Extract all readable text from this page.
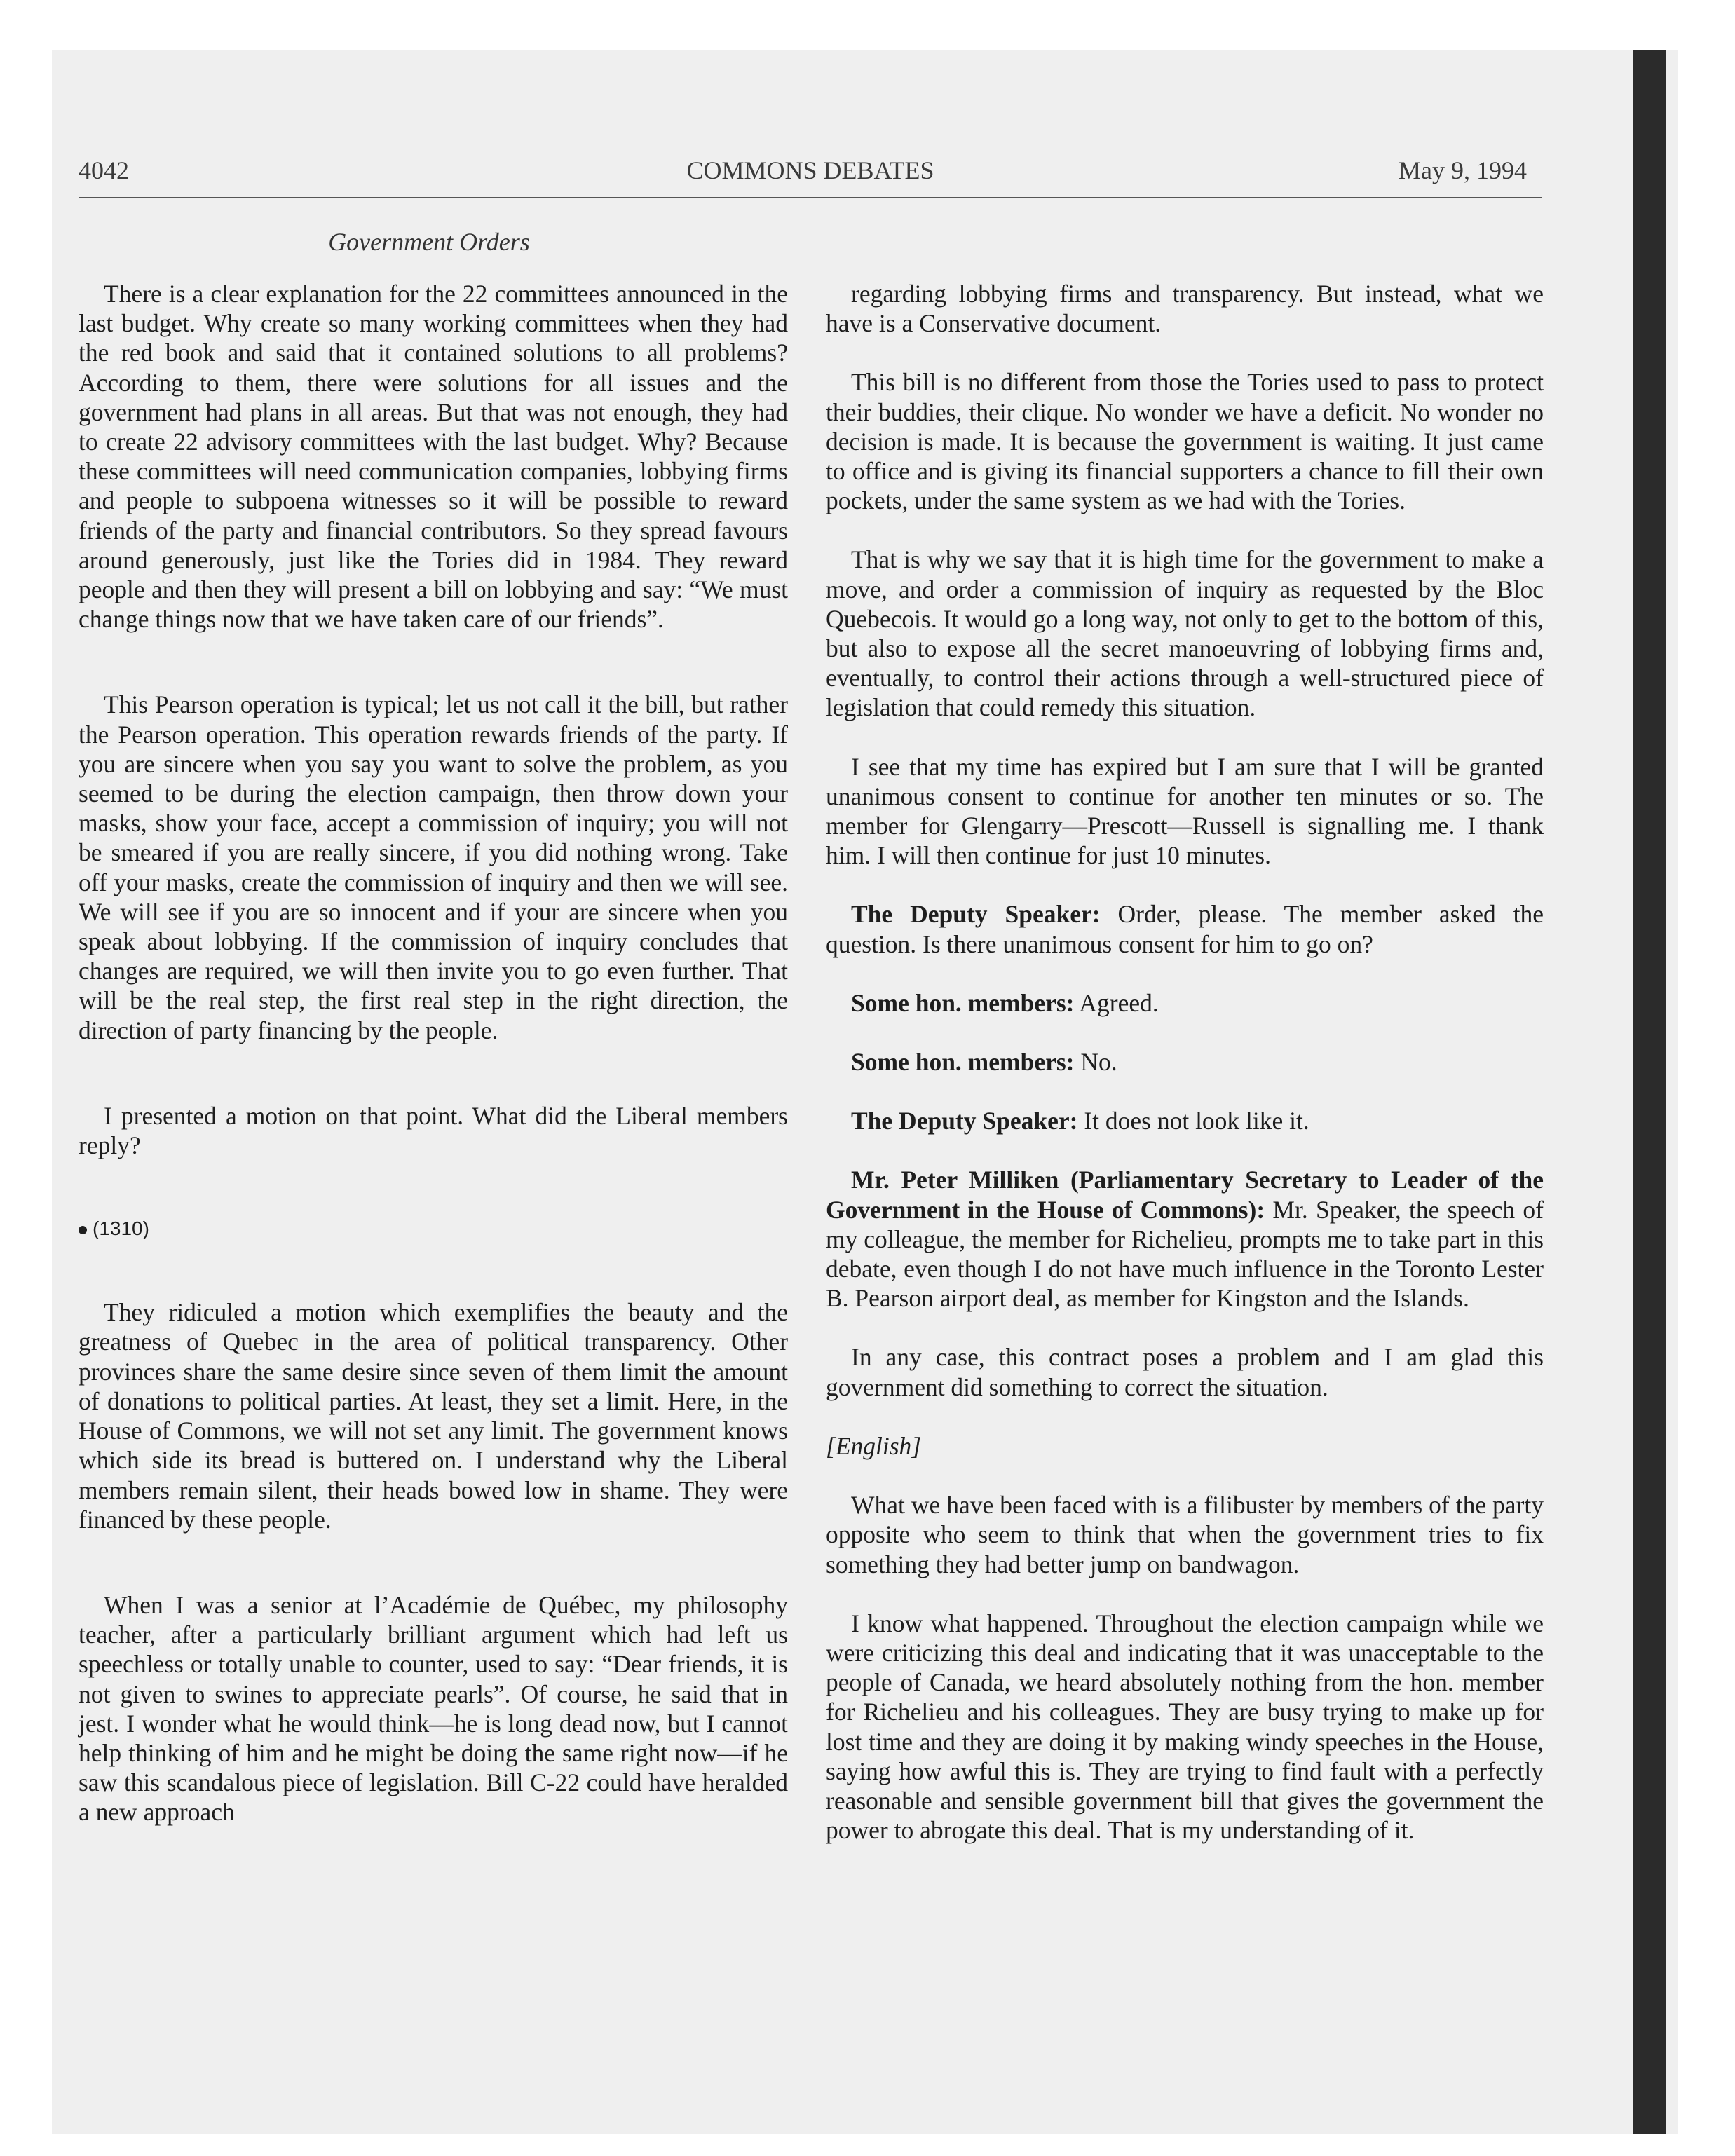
4042	COMMONS DEBATES	May 9, 1994
Government Orders

There is a clear explanation for the 22 committees announced in the last budget. Why create so many working committees when they had the red book and said that it contained solutions to all problems? According to them, there were solutions for all issues and the government had plans in all areas. But that was not enough, they had to create 22 advisory committees with the last budget. Why? Because these committees will need communication companies, lobbying firms and people to subpoena witnesses so it will be possible to reward friends of the party and financial contributors. So they spread favours around generously, just like the Tories did in 1984. They reward people and then they will present a bill on lobbying and say: “We must change things now that we have taken care of our friends”.

This Pearson operation is typical; let us not call it the bill, but rather the Pearson operation. This operation rewards friends of the party. If you are sincere when you say you want to solve the problem, as you seemed to be during the election campaign, then throw down your masks, show your face, accept a commission of inquiry; you will not be smeared if you are really sincere, if you did nothing wrong. Take off your masks, create the commission of inquiry and then we will see. We will see if you are so innocent and if your are sincere when you speak about lobbying. If the commission of inquiry concludes that changes are required, we will then invite you to go even further. That will be the real step, the first real step in the right direction, the direction of party financing by the people.

I presented a motion on that point. What did the Liberal members reply?

(1310)

They ridiculed a motion which exemplifies the beauty and the greatness of Quebec in the area of political transparency. Other provinces share the same desire since seven of them limit the amount of donations to political parties. At least, they set a limit. Here, in the House of Commons, we will not set any limit. The government knows which side its bread is buttered on. I understand why the Liberal members remain silent, their heads bowed low in shame. They were financed by these people.

When I was a senior at l’Académie de Québec, my philosophy teacher, after a particularly brilliant argument which had left us speechless or totally unable to counter, used to say: “Dear friends, it is not given to swines to appreciate pearls”. Of course, he said that in jest. I wonder what he would think—he is long dead now, but I cannot help thinking of him and he might be doing the same right now—if he saw this scandalous piece of legislation. Bill C-22 could have heralded a new approach

regarding lobbying firms and transparency. But instead, what we have is a Conservative document.

This bill is no different from those the Tories used to pass to protect their buddies, their clique. No wonder we have a deficit. No wonder no decision is made. It is because the government is waiting. It just came to office and is giving its financial supporters a chance to fill their own pockets, under the same system as we had with the Tories.

That is why we say that it is high time for the government to make a move, and order a commission of inquiry as requested by the Bloc Quebecois. It would go a long way, not only to get to the bottom of this, but also to expose all the secret manoeuvring of lobbying firms and, eventually, to control their actions through a well-structured piece of legislation that could remedy this situation.

I see that my time has expired but I am sure that I will be granted unanimous consent to continue for another ten minutes or so. The member for Glengarry—Prescott—Russell is signalling me. I thank him. I will then continue for just 10 minutes.

The Deputy Speaker: Order, please. The member asked the question. Is there unanimous consent for him to go on?

Some hon. members: Agreed.

Some hon. members: No.

The Deputy Speaker: It does not look like it.

Mr. Peter Milliken (Parliamentary Secretary to Leader of the Government in the House of Commons): Mr. Speaker, the speech of my colleague, the member for Richelieu, prompts me to take part in this debate, even though I do not have much influence in the Toronto Lester B. Pearson airport deal, as member for Kingston and the Islands.

In any case, this contract poses a problem and I am glad this government did something to correct the situation.

[English]

What we have been faced with is a filibuster by members of the party opposite who seem to think that when the government tries to fix something they had better jump on bandwagon.

I know what happened. Throughout the election campaign while we were criticizing this deal and indicating that it was unacceptable to the people of Canada, we heard absolutely nothing from the hon. member for Richelieu and his colleagues. They are busy trying to make up for lost time and they are doing it by making windy speeches in the House, saying how awful this is. They are trying to find fault with a perfectly reasonable and sensible government bill that gives the government the power to abrogate this deal. That is my understanding of it.
